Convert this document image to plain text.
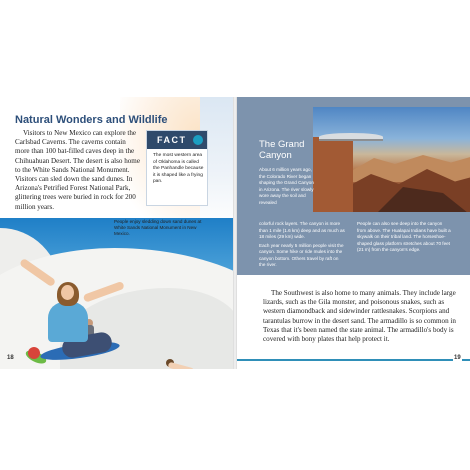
Natural Wonders and Wildlife

Visitors to New Mexico can explore the Carlsbad Caverns. The caverns contain more than 100 bat-filled caves deep in the Chihuahuan Desert. The desert is also home to the White Sands National Monument. Visitors can sled down the sand dunes. In Arizona's Petrified Forest National Park, glittering trees were buried in rock for 200 million years.

FACT
The most western area of Oklahoma is called the Panhandle because it is shaped like a frying pan.
People enjoy sledding down sand dunes at White Sands National Monument in New Mexico.
18
The Grand Canyon
About 6 million years ago, the Colorado River began shaping the Grand Canyon in Arizona. The river slowly wore away the soil and revealed

colorful rock layers. The canyon is more than 1 mile (1.6 km) deep and as much as 18 miles (29 km) wide.

Each year nearly 5 million people visit the canyon. Some hike or ride mules into the canyon bottom. Others travel by raft on the river.

People can also see deep into the canyon from above. The Hualapai Indians have built a skywalk on their tribal land. The horseshoe-shaped glass platform stretches about 70 feet (21 m) from the canyon's edge.

The Southwest is also home to many animals. They include large lizards, such as the Gila monster, and poisonous snakes, such as western diamondback and sidewinder rattlesnakes. Scorpions and tarantulas burrow in the desert sand. The armadillo is so common in Texas that it's been named the state animal. The armadillo's body is covered with bony plates that help protect it.

19
